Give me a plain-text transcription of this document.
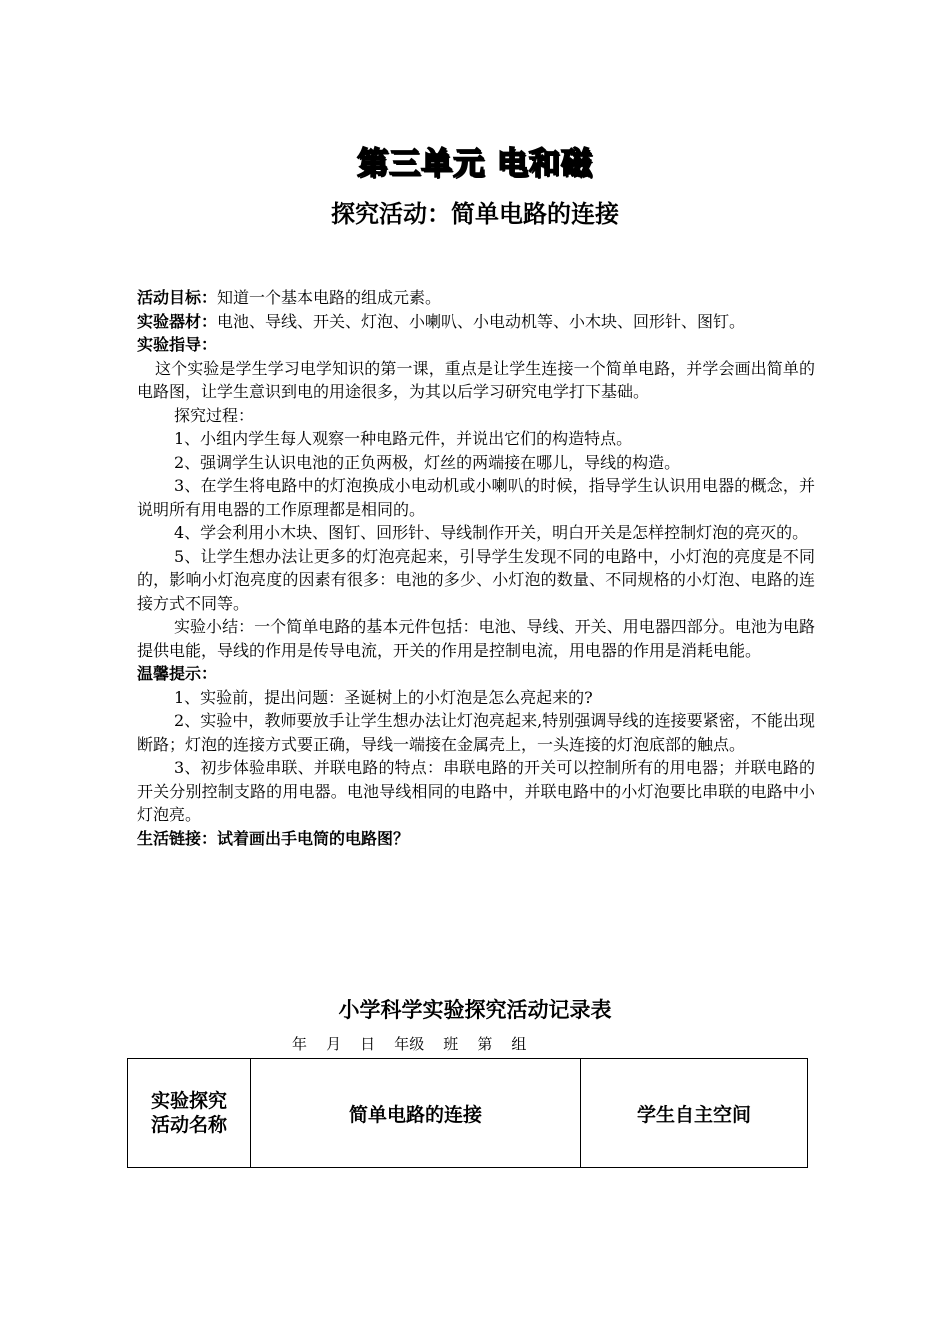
第三单元 电和磁
探究活动：简单电路的连接

活动目标：知道一个基本电路的组成元素。

实验器材：电池、导线、开关、灯泡、小喇叭、小电动机等、小木块、回形针、图钉。

实验指导：

这个实验是学生学习电学知识的第一课，重点是让学生连接一个简单电路，并学会画出简单的电路图，让学生意识到电的用途很多，为其以后学习研究电学打下基础。

探究过程：

1、小组内学生每人观察一种电路元件，并说出它们的构造特点。

2、强调学生认识电池的正负两极，灯丝的两端接在哪儿，导线的构造。

3、在学生将电路中的灯泡换成小电动机或小喇叭的时候，指导学生认识用电器的概念，并说明所有用电器的工作原理都是相同的。

4、学会利用小木块、图钉、回形针、导线制作开关，明白开关是怎样控制灯泡的亮灭的。

5、让学生想办法让更多的灯泡亮起来，引导学生发现不同的电路中，小灯泡的亮度是不同的，影响小灯泡亮度的因素有很多：电池的多少、小灯泡的数量、不同规格的小灯泡、电路的连接方式不同等。

实验小结：一个简单电路的基本元件包括：电池、导线、开关、用电器四部分。电池为电路提供电能，导线的作用是传导电流，开关的作用是控制电流，用电器的作用是消耗电能。

温馨提示：

1、实验前，提出问题：圣诞树上的小灯泡是怎么亮起来的?

2、实验中，教师要放手让学生想办法让灯泡亮起来,特别强调导线的连接要紧密，不能出现断路；灯泡的连接方式要正确，导线一端接在金属壳上，一头连接的灯泡底部的触点。

3、初步体验串联、并联电路的特点：串联电路的开关可以控制所有的用电器；并联电路的开关分别控制支路的用电器。电池导线相同的电路中，并联电路中的小灯泡要比串联的电路中小灯泡亮。

生活链接：试着画出手电筒的电路图？

小学科学实验探究活动记录表
年    月    日    年级    班    第    组
实验探究
活动名称	简单电路的连接	学生自主空间
